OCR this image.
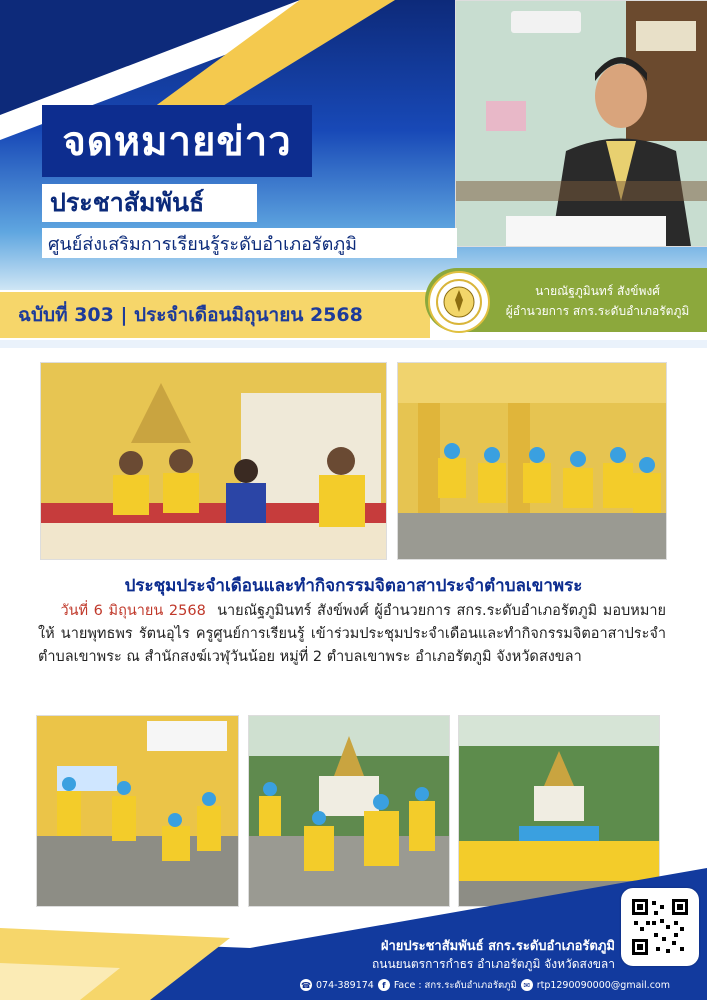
จดหมายข่าว
ประชาสัมพันธ์
ศูนย์ส่งเสริมการเรียนรู้ระดับอำเภอรัตภูมิ
ฉบับที่ 303 | ประจำเดือนมิถุนายน 2568
นายณัฐภูมินทร์ สังข์พงศ์
ผู้อำนวยการ สกร.ระดับอำเภอรัตภูมิ
ประชุมประจำเดือนและทำกิจกรรมจิตอาสาประจำตำบลเขาพระ
วันที่ 6 มิถุนายน 2568 นายณัฐภูมินทร์ สังข์พงศ์ ผู้อำนวยการ สกร.ระดับอำเภอรัตภูมิ มอบหมายให้ นายพุทธพร รัตนอุไร ครูศูนย์การเรียนรู้ เข้าร่วมประชุมประจำเดือนและทำกิจกรรมจิตอาสาประจำตำบลเขาพระ ณ สำนักสงฆ์เวฬุวันน้อย หมู่ที่ 2 ตำบลเขาพระ อำเภอรัตภูมิ จังหวัดสงขลา
ฝ่ายประชาสัมพันธ์ สกร.ระดับอำเภอรัตภูมิ
ถนนยนตรการกำธร อำเภอรัตภูมิ จังหวัดสงขลา
☎ 074-389174	f Face : สกร.ระดับอำเภอรัตภูมิ ✉ rtp1290090000@gmail.com
